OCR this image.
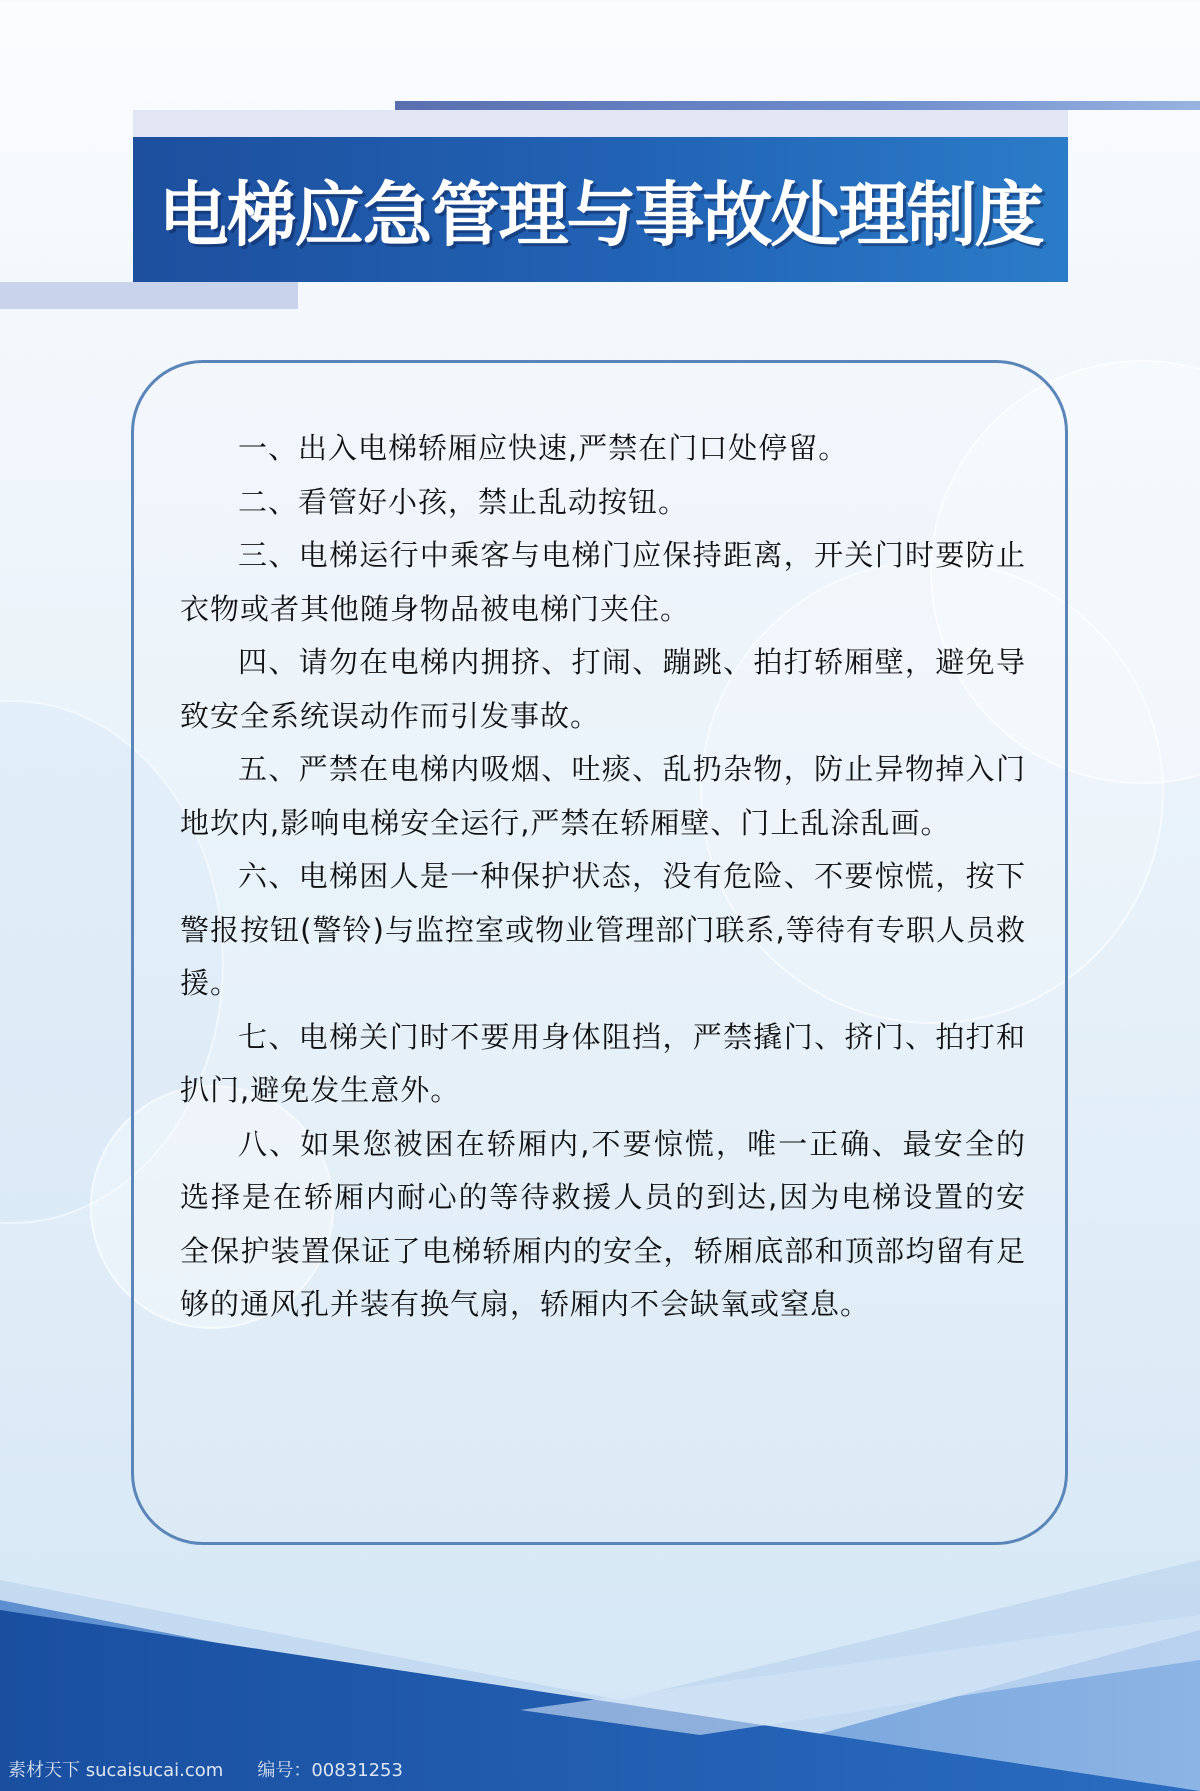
电梯应急管理与事故处理制度

一、出入电梯轿厢应快速,严禁在门口处停留。

二、看管好小孩，禁止乱动按钮。

三、电梯运行中乘客与电梯门应保持距离，开关门时要防止衣物或者其他随身物品被电梯门夹住。

四、请勿在电梯内拥挤、打闹、蹦跳、拍打轿厢壁，避免导致安全系统误动作而引发事故。

五、严禁在电梯内吸烟、吐痰、乱扔杂物，防止异物掉入门地坎内,影响电梯安全运行,严禁在轿厢壁、门上乱涂乱画。

六、电梯困人是一种保护状态，没有危险、不要惊慌，按下警报按钮(警铃)与监控室或物业管理部门联系,等待有专职人员救援。

七、电梯关门时不要用身体阻挡，严禁撬门、挤门、拍打和扒门,避免发生意外。

八、如果您被困在轿厢内,不要惊慌，唯一正确、最安全的选择是在轿厢内耐心的等待救援人员的到达,因为电梯设置的安全保护装置保证了电梯轿厢内的安全，轿厢底部和顶部均留有足够的通风孔并装有换气扇，轿厢内不会缺氧或窒息。

素材天下 sucaisucai.com 编号：00831253
